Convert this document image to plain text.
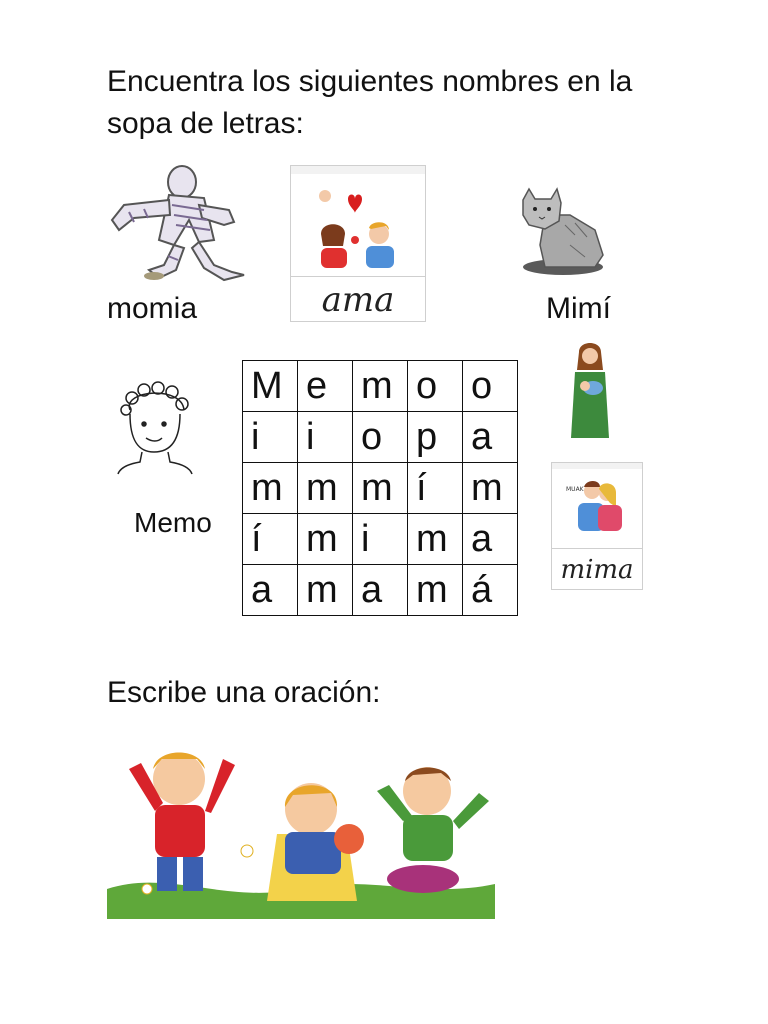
Encuentra los siguientes nombres en la sopa de letras:
ama
momia	Mimí
Memo
M	e	m	o	o
i	i	o	p	a
m	m	m	í	m
í	m	i	m	a
a	m	a	m	á
MUAK
mima
Escribe una oración:
